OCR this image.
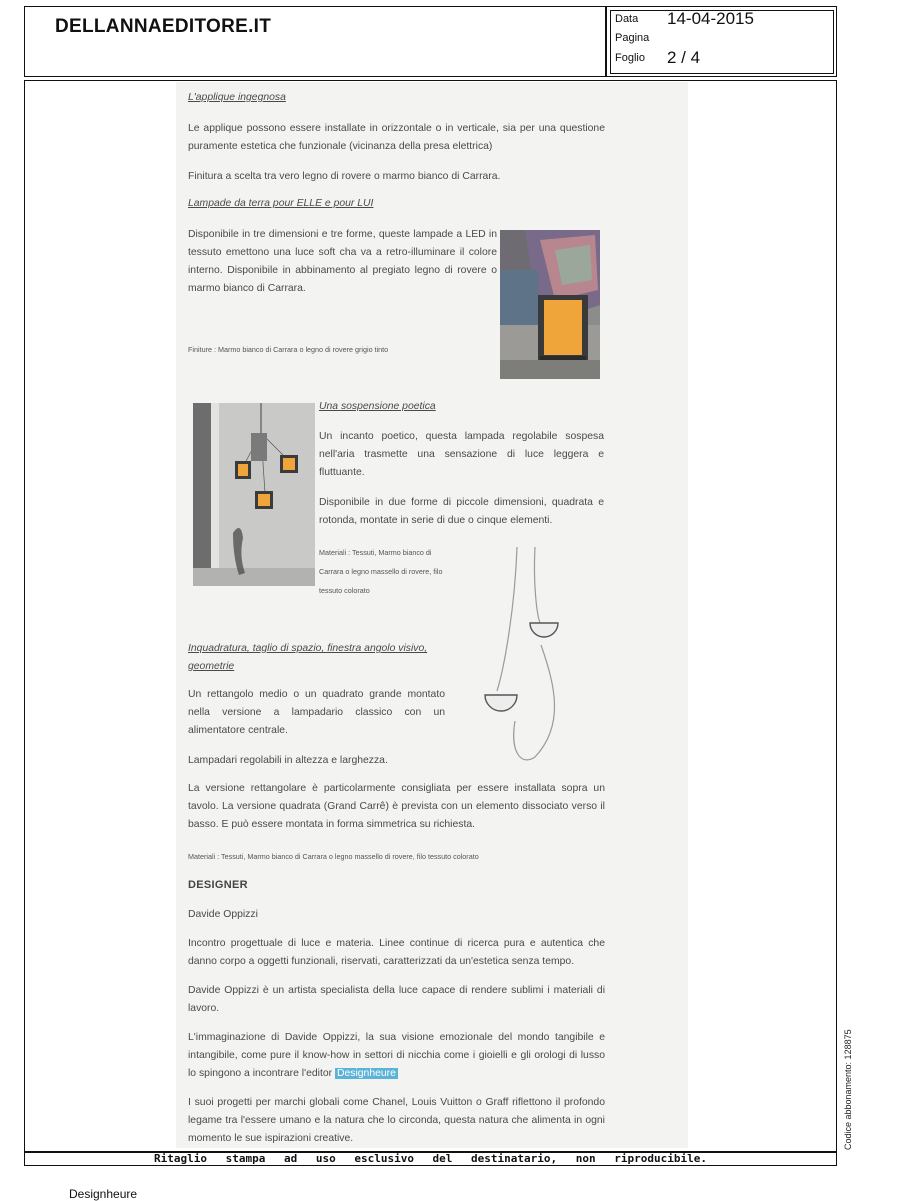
DELLANNAEDITORE.IT	Data 14-04-2015
Pagina
Foglio 2 / 4
L'applique ingegnosa
Le applique possono essere installate in orizzontale o in verticale, sia per una questione puramente estetica che funzionale (vicinanza della presa elettrica)
Finitura a scelta tra vero legno di rovere o marmo bianco di Carrara.
Lampade da terra pour ELLE e pour LUI
Disponibile in tre dimensioni e tre forme, queste lampade a LED in tessuto emettono una luce soft cha va a retro-illuminare il colore interno. Disponibile in abbinamento al pregiato legno di rovere o marmo bianco di Carrara.
Finiture : Marmo bianco di Carrara o legno di rovere grigio tinto
Una sospensione poetica
Un incanto poetico, questa lampada regolabile sospesa nell'aria trasmette una sensazione di luce leggera e fluttuante.
Disponibile in due forme di piccole dimensioni, quadrata e rotonda, montate in serie di due o cinque elementi.
Materiali : Tessuti, Marmo bianco di Carrara o legno massello di rovere, filo tessuto colorato
Inquadratura, taglio di spazio, finestra angolo visivo, geometrie
Un rettangolo medio o un quadrato grande montato nella versione a lampadario classico con un alimentatore centrale.
Lampadari regolabili in altezza e larghezza.
La versione rettangolare è particolarmente consigliata per essere installata sopra un tavolo. La versione quadrata (Grand Carrê) è prevista con un elemento dissociato verso il basso. E può essere montata in forma simmetrica su richiesta.
Materiali : Tessuti, Marmo bianco di Carrara o legno massello di rovere, filo tessuto colorato
DESIGNER
Davide Oppizzi
Incontro progettuale di luce e materia. Linee continue di ricerca pura e autentica che danno corpo a oggetti funzionali, riservati, caratterizzati da un'estetica senza tempo.
Davide Oppizzi è un artista specialista della luce capace di rendere sublimi i materiali di lavoro.
L'immaginazione di Davide Oppizzi, la sua visione emozionale del mondo tangibile e intangibile, come pure il know-how in settori di nicchia come i gioielli e gli orologi di lusso lo spingono a incontrare l'editor Designheure
I suoi progetti per marchi globali come Chanel, Louis Vuitton o Graff riflettono il profondo legame tra l'essere umano e la natura che lo circonda, questa natura che alimenta in ogni momento le sue ispirazioni creative.
Ritaglio stampa ad uso esclusivo del destinatario, non riproducibile.
Codice abbonamento: 128875
Designheure
